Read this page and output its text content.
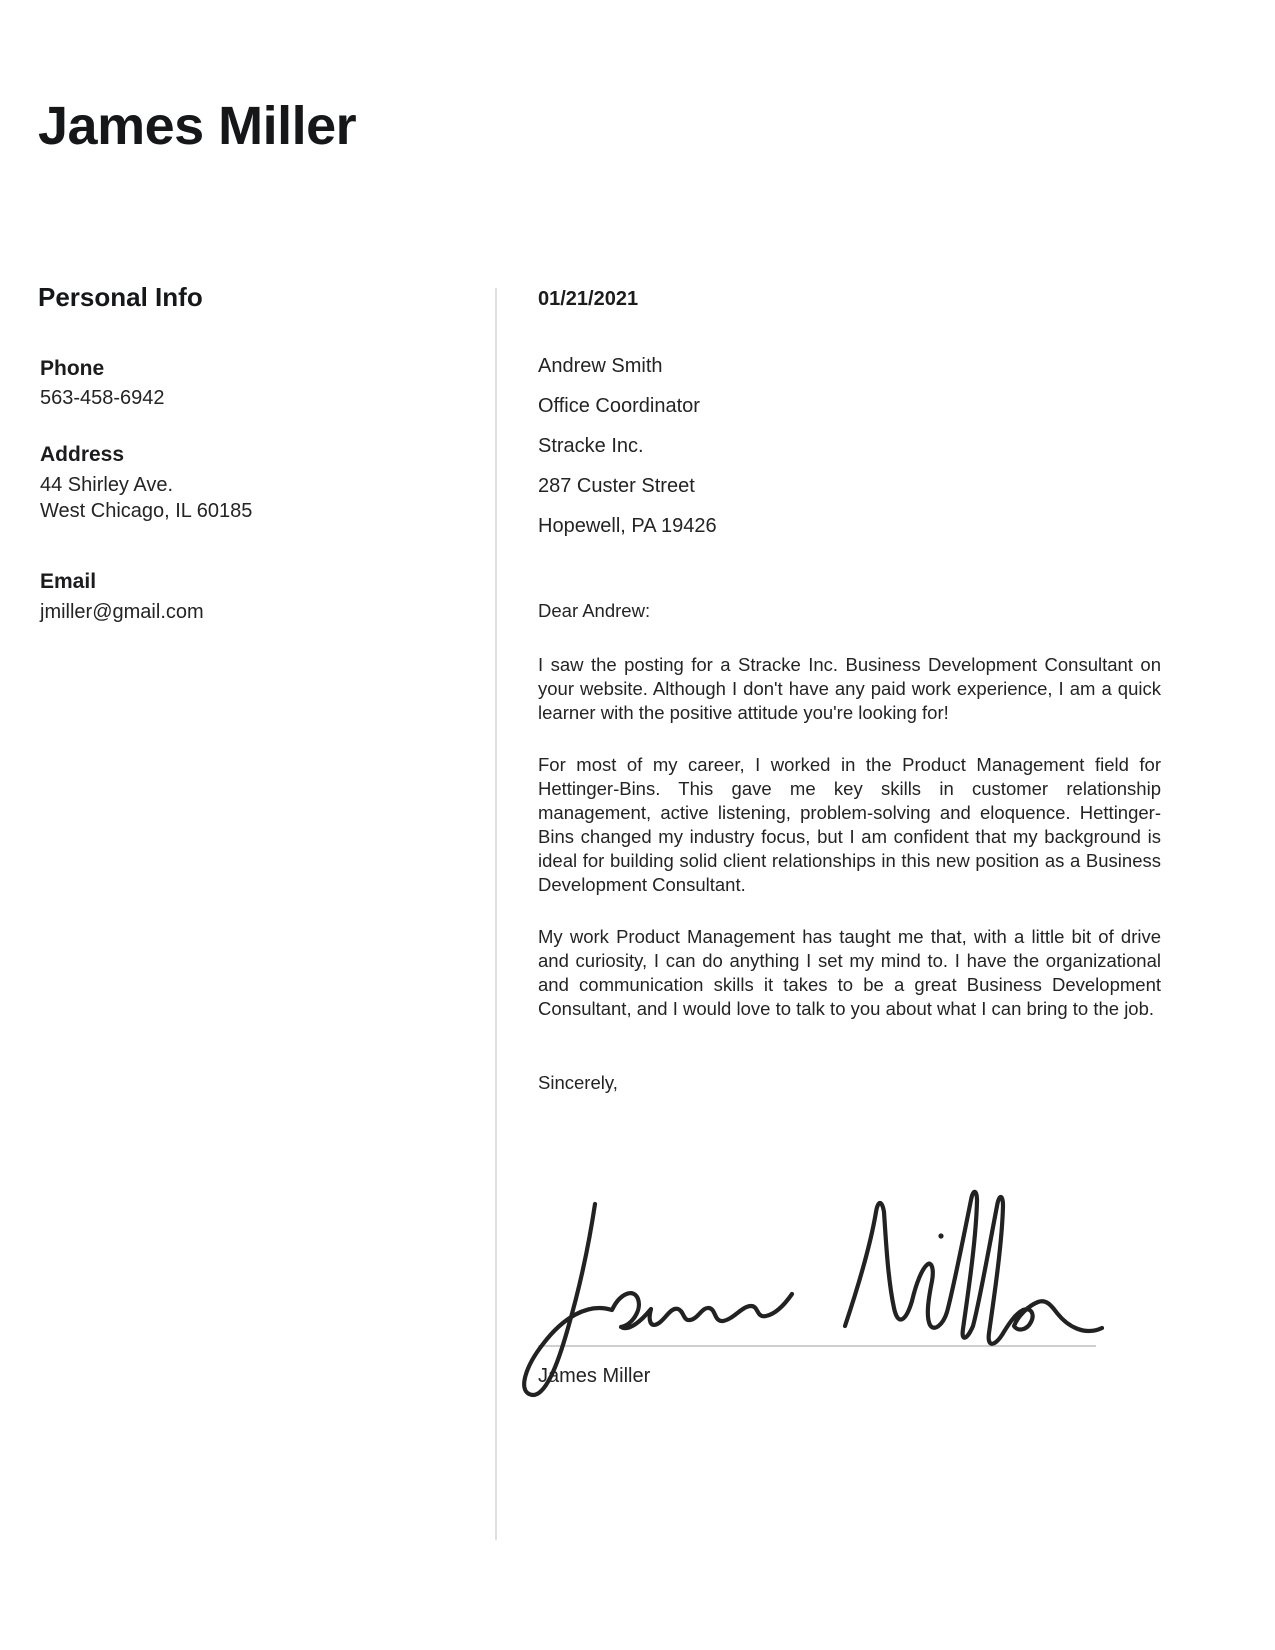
James Miller
Personal Info
Phone
563-458-6942
Address
44 Shirley Ave.
West Chicago, IL 60185
Email
jmiller@gmail.com
01/21/2021
Andrew Smith
Office Coordinator
Stracke Inc.
287 Custer Street
Hopewell, PA 19426
Dear Andrew:

I saw the posting for a Stracke Inc. Business Development Consultant on your website. Although I don't have any paid work experience, I am a quick learner with the positive attitude you're looking for!

For most of my career, I worked in the Product Management field for Hettinger-Bins. This gave me key skills in customer relationship management, active listening, problem-solving and eloquence. Hettinger-Bins changed my industry focus, but I am confident that my background is ideal for building solid client relationships in this new position as a Business Development Consultant.

My work Product Management has taught me that, with a little bit of drive and curiosity, I can do anything I set my mind to. I have the organizational and communication skills it takes to be a great Business Development Consultant, and I would love to talk to you about what I can bring to the job.

Sincerely,
James Miller
